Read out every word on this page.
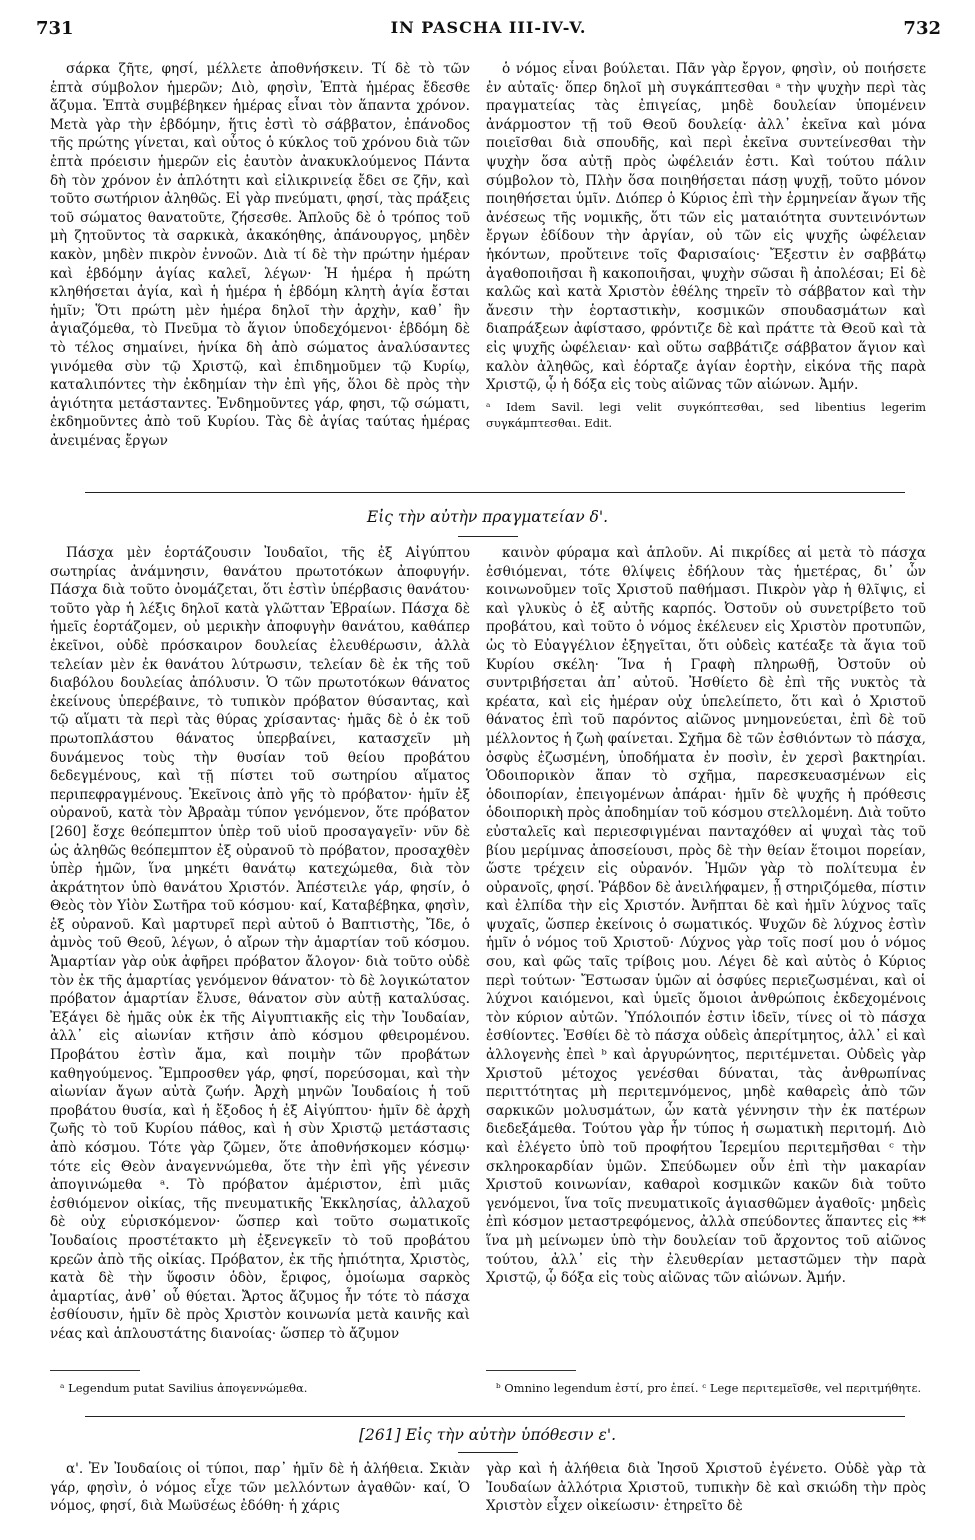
731	IN PASCHA III-IV-V.	732

σάρκα ζῆτε, φησί, μέλλετε ἀποθνήσκειν. Τί δὲ τὸ τῶν ἑπτὰ σύμβολον ἡμερῶν; Διὸ, φησὶν, Ἑπτὰ ἡμέρας ἔδεσθε ἄζυμα. Ἑπτὰ συμβέβηκεν ἡμέρας εἶναι τὸν ἅπαντα χρόνον. Μετὰ γὰρ τὴν ἑβδόμην, ἥτις ἐστὶ τὸ σάββατον, ἐπάνοδος τῆς πρώτης γίνεται, καὶ οὗτος ὁ κύκλος τοῦ χρόνου διὰ τῶν ἑπτὰ πρόεισιν ἡμερῶν εἰς ἑαυτὸν ἀνακυκλούμενος Πάντα δὴ τὸν χρόνον ἐν ἁπλότητι καὶ εἰλικρινείᾳ ἔδει σε ζῆν, καὶ τοῦτο σωτήριον ἀληθῶς. Εἰ γὰρ πνεύματι, φησί, τὰς πράξεις τοῦ σώματος θανατοῦτε, ζήσεσθε. Ἁπλοῦς δὲ ὁ τρόπος τοῦ μὴ ζητοῦντος τὰ σαρκικὰ, ἀκακόηθης, ἀπάνουργος, μηδὲν κακὸν, μηδὲν πικρὸν ἐννοῶν. Διὰ τί δὲ τὴν πρώτην ἡμέραν καὶ ἑβδόμην ἁγίας καλεῖ, λέγων· Ἡ ἡμέρα ἡ πρώτη κληθήσεται ἁγία, καὶ ἡ ἡμέρα ἡ ἑβδόμη κλητὴ ἁγία ἔσται ἡμῖν; Ὅτι πρώτη μὲν ἡμέρα δηλοῖ τὴν ἀρχὴν, καθ᾽ ἣν ἁγιαζόμεθα, τὸ Πνεῦμα τὸ ἅγιον ὑποδεχόμενοι· ἑβδόμη δὲ τὸ τέλος σημαίνει, ἡνίκα δὴ ἀπὸ σώματος ἀναλύσαντες γινόμεθα σὺν τῷ Χριστῷ, καὶ ἐπιδημοῦμεν τῷ Κυρίῳ, καταλιπόντες τὴν ἐκδημίαν τὴν ἐπὶ γῆς, ὅλοι δὲ πρὸς τὴν ἁγιότητα μετάσταντες. Ἐνδημοῦντες γάρ, φησι, τῷ σώματι, ἐκδημοῦντες ἀπὸ τοῦ Κυρίου. Τὰς δὲ ἁγίας ταύτας ἡμέρας ἀνειμένας ἔργων

ὁ νόμος εἶναι βούλεται. Πᾶν γὰρ ἔργον, φησὶν, οὐ ποιήσετε ἐν αὐταῖς· ὅπερ δηλοῖ μὴ συγκάπτεσθαι ᵃ τὴν ψυχὴν περὶ τὰς πραγματείας τὰς ἐπιγείας, μηδὲ δουλείαν ὑπομένειν ἀνάρμοστον τῇ τοῦ Θεοῦ δουλείᾳ· ἀλλ᾽ ἐκεῖνα καὶ μόνα ποιεῖσθαι διὰ σπουδῆς, καὶ περὶ ἐκεῖνα συντείνεσθαι τὴν ψυχὴν ὅσα αὐτῇ πρὸς ὠφέλειάν ἐστι. Καὶ τούτου πάλιν σύμβολον τὸ, Πλὴν ὅσα ποιηθήσεται πάσῃ ψυχῇ, τοῦτο μόνον ποιηθήσεται ὑμῖν. Διόπερ ὁ Κύριος ἐπὶ τὴν ἑρμηνείαν ἄγων τῆς ἀνέσεως τῆς νομικῆς, ὅτι τῶν εἰς ματαιότητα συντεινόντων ἔργων ἐδίδουν τὴν ἀργίαν, οὐ τῶν εἰς ψυχῆς ὠφέλειαν ἡκόντων, προὔτεινε τοῖς Φαρισαίοις· Ἔξεστιν ἐν σαββάτῳ ἀγαθοποιῆσαι ἢ κακοποιῆσαι, ψυχὴν σῶσαι ἢ ἀπολέσαι; Εἰ δὲ καλῶς καὶ κατὰ Χριστὸν ἐθέλης τηρεῖν τὸ σάββατον καὶ τὴν ἄνεσιν τὴν ἑορταστικὴν, κοσμικῶν σπουδασμάτων καὶ διαπράξεων ἀφίστασο, φρόντιζε δὲ καὶ πράττε τὰ Θεοῦ καὶ τὰ εἰς ψυχῆς ὠφέλειαν· καὶ οὕτω σαββάτιζε σάββατον ἅγιον καὶ καλὸν ἀληθῶς, καὶ ἑόρταζε ἁγίαν ἑορτὴν, εἰκόνα τῆς παρὰ Χριστῷ, ᾧ ἡ δόξα εἰς τοὺς αἰῶνας τῶν αἰώνων. Ἀμήν.

ᵃ Idem Savil. legi velit συγκόπτεσθαι, sed libentius legerim συγκάμπτεσθαι. Edit.
Εἰς τὴν αὐτὴν πραγματείαν δ'.

Πάσχα μὲν ἑορτάζουσιν Ἰουδαῖοι, τῆς ἐξ Αἰγύπτου σωτηρίας ἀνάμνησιν, θανάτου πρωτοτόκων ἀποφυγήν. Πάσχα διὰ τοῦτο ὀνομάζεται, ὅτι ἐστὶν ὑπέρβασις θανάτου· τοῦτο γὰρ ἡ λέξις δηλοῖ κατὰ γλῶτταν Ἑβραίων. Πάσχα δὲ ἡμεῖς ἑορτάζομεν, οὐ μερικὴν ἀποφυγὴν θανάτου, καθάπερ ἐκεῖνοι, οὐδὲ πρόσκαιρον δουλείας ἐλευθέρωσιν, ἀλλὰ τελείαν μὲν ἐκ θανάτου λύτρωσιν, τελείαν δὲ ἐκ τῆς τοῦ διαβόλου δουλείας ἀπόλυσιν. Ὁ τῶν πρωτοτόκων θάνατος ἐκείνους ὑπερέβαινε, τὸ τυπικὸν πρόβατον θύσαντας, καὶ τῷ αἵματι τὰ περὶ τὰς θύρας χρίσαντας· ἡμᾶς δὲ ὁ ἐκ τοῦ πρωτοπλάστου θάνατος ὑπερβαίνει, κατασχεῖν μὴ δυνάμενος τοὺς τὴν θυσίαν τοῦ θείου προβάτου δεδεγμένους, καὶ τῇ πίστει τοῦ σωτηρίου αἵματος περιπεφραγμένους. Ἐκεῖνοις ἀπὸ γῆς τὸ πρόβατον· ἡμῖν ἐξ οὐρανοῦ, κατὰ τὸν Ἀβραὰμ τύπον γενόμενον, ὅτε πρόβατον [260] ἔσχε θεόπεμπτον ὑπὲρ τοῦ υἱοῦ προσαγαγεῖν· νῦν δὲ ὡς ἀληθῶς θεόπεμπτον ἐξ οὐρανοῦ τὸ πρόβατον, προσαχθὲν ὑπὲρ ἡμῶν, ἵνα μηκέτι θανάτῳ κατεχώμεθα, διὰ τὸν ἀκράτητον ὑπὸ θανάτου Χριστόν. Ἀπέστειλε γάρ, φησίν, ὁ Θεὸς τὸν Υἱὸν Σωτῆρα τοῦ κόσμου· καί, Καταβέβηκα, φησὶν, ἐξ οὐρανοῦ. Καὶ μαρτυρεῖ περὶ αὐτοῦ ὁ Βαπτιστὴς, Ἴδε, ὁ ἀμνὸς τοῦ Θεοῦ, λέγων, ὁ αἴρων τὴν ἁμαρτίαν τοῦ κόσμου. Ἁμαρτίαν γὰρ οὐκ ἀφῆρει πρόβατον ἄλογον· διὰ τοῦτο οὐδὲ τὸν ἐκ τῆς ἁμαρτίας γενόμενον θάνατον· τὸ δὲ λογικώτατον πρόβατον ἁμαρτίαν ἔλυσε, θάνατον σὺν αὐτῇ καταλύσας. Ἐξάγει δὲ ἡμᾶς οὐκ ἐκ τῆς Αἰγυπτιακῆς εἰς τὴν Ἰουδαίαν, ἀλλ᾽ εἰς αἰωνίαν κτῆσιν ἀπὸ κόσμου φθειρομένου. Προβάτου ἐστὶν ἄμα, καὶ ποιμὴν τῶν προβάτων καθηγούμενος. Ἔμπροσθεν γάρ, φησί, πορεύσομαι, καὶ τὴν αἰωνίαν ἄγων αὐτὰ ζωήν. Ἀρχὴ μηνῶν Ἰουδαίοις ἡ τοῦ προβάτου θυσία, καὶ ἡ ἔξοδος ἡ ἐξ Αἰγύπτου· ἡμῖν δὲ ἀρχὴ ζωῆς τὸ τοῦ Κυρίου πάθος, καὶ ἡ σὺν Χριστῷ μετάστασις ἀπὸ κόσμου. Τότε γὰρ ζῶμεν, ὅτε ἀποθνήσκομεν κόσμῳ· τότε εἰς Θεὸν ἀναγεννώμεθα, ὅτε τὴν ἐπὶ γῆς γένεσιν ἀπογινώμεθα ᵃ. Τὸ πρόβατον ἀμέριστον, ἐπὶ μιᾶς ἐσθιόμενον οἰκίας, τῆς πνευματικῆς Ἐκκλησίας, ἀλλαχοῦ δὲ οὐχ εὑρισκόμενον· ὥσπερ καὶ τοῦτο σωματικοῖς Ἰουδαίοις προστέτακτο μὴ ἐξενεγκεῖν τὸ τοῦ προβάτου κρεῶν ἀπὸ τῆς οἰκίας. Πρόβατον, ἐκ τῆς ἠπιότητα, Χριστὸς, κατὰ δὲ τὴν ὕφοσιν ὁδὸν, ἔριφος, ὁμοίωμα σαρκὸς ἁμαρτίας, ἀνθ᾽ οὗ θύεται. Ἄρτος ἄζυμος ἦν τότε τὸ πάσχα ἐσθίουσιν, ἡμῖν δὲ πρὸς Χριστὸν κοινωνία μετὰ καινῆς καὶ νέας καὶ ἁπλουστάτης διανοίας· ὥσπερ τὸ ἄζυμον

καινὸν φύραμα καὶ ἁπλοῦν. Αἱ πικρίδες αἱ μετὰ τὸ πάσχα ἐσθιόμεναι, τότε θλίψεις ἐδήλουν τὰς ἡμετέρας, δι᾽ ὧν κοινωνοῦμεν τοῖς Χριστοῦ παθήμασι. Πικρὸν γὰρ ἡ θλῖψις, εἰ καὶ γλυκὺς ὁ ἐξ αὐτῆς καρπός. Ὀστοῦν οὐ συνετρίβετο τοῦ προβάτου, καὶ τοῦτο ὁ νόμος ἐκέλευεν εἰς Χριστὸν προτυπῶν, ὡς τὸ Εὐαγγέλιον ἐξηγεῖται, ὅτι οὐδεὶς κατέαξε τὰ ἅγια τοῦ Κυρίου σκέλη· Ἵνα ἡ Γραφὴ πληρωθῇ, Ὀστοῦν οὐ συντριβήσεται ἀπ᾽ αὐτοῦ. Ἠσθίετο δὲ ἐπὶ τῆς νυκτὸς τὰ κρέατα, καὶ εἰς ἡμέραν οὐχ ὑπελείπετο, ὅτι καὶ ὁ Χριστοῦ θάνατος ἐπὶ τοῦ παρόντος αἰῶνος μνημονεύεται, ἐπὶ δὲ τοῦ μέλλοντος ἡ ζωὴ φαίνεται. Σχῆμα δὲ τῶν ἐσθιόντων τὸ πάσχα, ὀσφὺς ἐζωσμένη, ὑποδήματα ἐν ποσὶν, ἐν χερσὶ βακτηρίαι. Ὁδοιπορικὸν ἅπαν τὸ σχῆμα, παρεσκευασμένων εἰς ὁδοιπορίαν, ἐπειγομένων ἀπάραι· ἡμῖν δὲ ψυχῆς ἡ πρόθεσις ὁδοιπορικὴ πρὸς ἀποδημίαν τοῦ κόσμου στελλομένη. Διὰ τοῦτο εὐσταλεῖς καὶ περιεσφιγμέναι πανταχόθεν αἱ ψυχαὶ τὰς τοῦ βίου μερίμνας ἀποσείουσι, πρὸς δὲ τὴν θείαν ἕτοιμοι πορείαν, ὥστε τρέχειν εἰς οὐρανόν. Ἡμῶν γὰρ τὸ πολίτευμα ἐν οὐρανοῖς, φησί. Ῥάβδον δὲ ἀνειλήφαμεν, ᾗ στηριζόμεθα, πίστιν καὶ ἐλπίδα τὴν εἰς Χριστόν. Ἀνῆπται δὲ καὶ ἡμῖν λύχνος ταῖς ψυχαῖς, ὥσπερ ἐκείνοις ὁ σωματικός. Ψυχῶν δὲ λύχνος ἐστὶν ἡμῖν ὁ νόμος τοῦ Χριστοῦ· Λύχνος γὰρ τοῖς ποσί μου ὁ νόμος σου, καὶ φῶς ταῖς τρίβοις μου. Λέγει δὲ καὶ αὐτὸς ὁ Κύριος περὶ τούτων· Ἔστωσαν ὑμῶν αἱ ὀσφύες περιεζωσμέναι, καὶ οἱ λύχνοι καιόμενοι, καὶ ὑμεῖς ὅμοιοι ἀνθρώποις ἐκδεχομένοις τὸν κύριον αὐτῶν. Ὑπόλοιπόν ἐστιν ἰδεῖν, τίνες οἱ τὸ πάσχα ἐσθίοντες. Ἐσθίει δὲ τὸ πάσχα οὐδεὶς ἀπερίτμητος, ἀλλ᾽ εἰ καὶ ἀλλογενὴς ἐπεὶ ᵇ καὶ ἀργυρώνητος, περιτέμνεται. Οὐδεὶς γὰρ Χριστοῦ μέτοχος γενέσθαι δύναται, τὰς ἀνθρωπίνας περιττότητας μὴ περιτεμνόμενος, μηδὲ καθαρεὶς ἀπὸ τῶν σαρκικῶν μολυσμάτων, ὧν κατὰ γέννησιν τὴν ἐκ πατέρων διεδεξάμεθα. Τούτου γὰρ ἦν τύπος ἡ σωματικὴ περιτομή. Διὸ καὶ ἐλέγετο ὑπὸ τοῦ προφήτου Ἱερεμίου περιτεμῆσθαι ᶜ τὴν σκληροκαρδίαν ὑμῶν. Σπεύδωμεν οὖν ἐπὶ τὴν μακαρίαν Χριστοῦ κοινωνίαν, καθαροὶ κοσμικῶν κακῶν διὰ τοῦτο γενόμενοι, ἵνα τοῖς πνευματικοῖς ἁγιασθῶμεν ἀγαθοῖς· μηδεὶς ἐπὶ κόσμον μεταστρεφόμενος, ἀλλὰ σπεύδοντες ἅπαντες εἰς ** ἵνα μὴ μείνωμεν ὑπὸ τὴν δουλείαν τοῦ ἄρχοντος τοῦ αἰῶνος τούτου, ἀλλ᾽ εἰς τὴν ἐλευθερίαν μεταστῶμεν τὴν παρὰ Χριστῷ, ᾧ δόξα εἰς τοὺς αἰῶνας τῶν αἰώνων. Ἀμήν.

ᵃ Legendum putat Savilius ἀπογεννώμεθα.	ᵇ Omnino legendum ἐστί, pro ἐπεί. ᶜ Lege περιτεμεῖσθε, vel περιτμήθητε.
[261] Εἰς τὴν αὐτὴν ὑπόθεσιν ε'.

α'. Ἐν Ἰουδαίοις οἱ τύποι, παρ᾽ ἡμῖν δὲ ἡ ἀλήθεια. Σκιὰν γάρ, φησὶν, ὁ νόμος εἶχε τῶν μελλόντων ἀγαθῶν· καί, Ὁ νόμος, φησί, διὰ Μωϋσέως ἐδόθη· ἡ χάρις

γὰρ καὶ ἡ ἀλήθεια διὰ Ἰησοῦ Χριστοῦ ἐγένετο. Οὐδὲ γὰρ τὰ Ἰουδαίων ἀλλότρια Χριστοῦ, τυπικὴν δὲ καὶ σκιώδη τὴν πρὸς Χριστὸν εἶχεν οἰκείωσιν· ἐτηρεῖτο δὲ
